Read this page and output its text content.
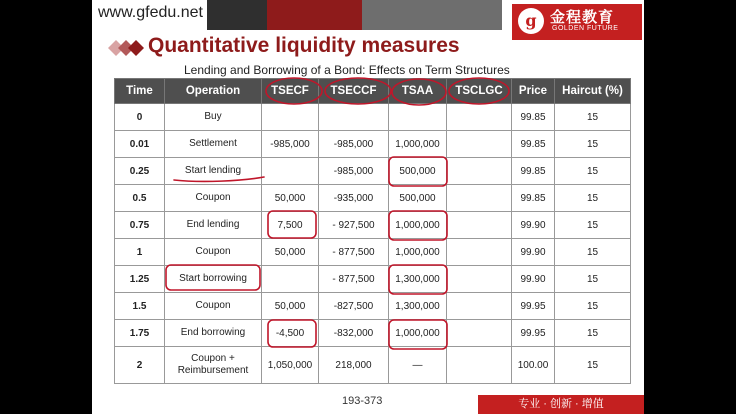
www.gfedu.net	g 金程教育
GOLDEN FUTURE
Quantitative liquidity measures
Lending and Borrowing of a Bond: Effects on Term Structures
Time	Operation	TSECF	TSECCF	TSAA	TSCLGC	Price	Haircut (%)
0	Buy					99.85	15
0.01	Settlement	-985,000	-985,000	1,000,000		99.85	15
0.25	Start lending		-985,000	500,000		99.85	15
0.5	Coupon	50,000	-935,000	500,000		99.85	15
0.75	End lending	7,500	- 927,500	1,000,000		99.90	15
1	Coupon	50,000	- 877,500	1,000,000		99.90	15
1.25	Start borrowing		- 877,500	1,300,000		99.90	15
1.5	Coupon	50,000	-827,500	1,300,000		99.95	15
1.75	End borrowing	-4,500	-832,000	1,000,000		99.95	15
2	Coupon + Reimbursement	1,050,000	218,000	—		100.00	15
193-373	专业 · 创新 · 增值
